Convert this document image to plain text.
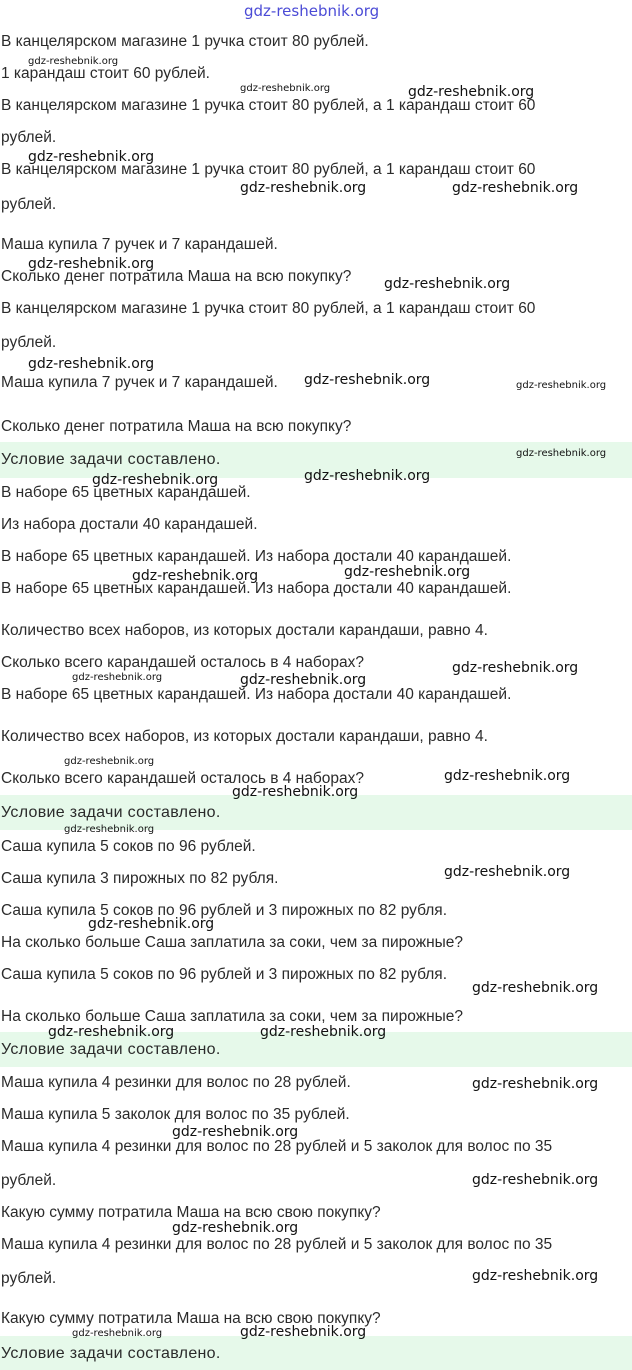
В канцелярском магазине 1 ручка стоит 80 рублей.
1 карандаш стоит 60 рублей.
В канцелярском магазине 1 ручка стоит 80 рублей, а 1 карандаш стоит 60
рублей.
В канцелярском магазине 1 ручка стоит 80 рублей, а 1 карандаш стоит 60
рублей.
Маша купила 7 ручек и 7 карандашей.
Сколько денег потратила Маша на всю покупку?
В канцелярском магазине 1 ручка стоит 80 рублей, а 1 карандаш стоит 60
рублей.
Маша купила 7 ручек и 7 карандашей.
Сколько денег потратила Маша на всю покупку?
Условие задачи составлено.
В наборе 65 цветных карандашей.
Из набора достали 40 карандашей.
В наборе 65 цветных карандашей. Из набора достали 40 карандашей.
В наборе 65 цветных карандашей. Из набора достали 40 карандашей.
Количество всех наборов, из которых достали карандаши, равно 4.
Сколько всего карандашей осталось в 4 наборах?
В наборе 65 цветных карандашей. Из набора достали 40 карандашей.
Количество всех наборов, из которых достали карандаши, равно 4.
Сколько всего карандашей осталось в 4 наборах?
Условие задачи составлено.
Саша купила 5 соков по 96 рублей.
Саша купила 3 пирожных по 82 рубля.
Саша купила 5 соков по 96 рублей и 3 пирожных по 82 рубля.
На сколько больше Саша заплатила за соки, чем за пирожные?
Саша купила 5 соков по 96 рублей и 3 пирожных по 82 рубля.
На сколько больше Саша заплатила за соки, чем за пирожные?
Условие задачи составлено.
Маша купила 4 резинки для волос по 28 рублей.
Маша купила 5 заколок для волос по 35 рублей.
Маша купила 4 резинки для волос по 28 рублей и 5 заколок для волос по 35
рублей.
Какую сумму потратила Маша на всю свою покупку?
Маша купила 4 резинки для волос по 28 рублей и 5 заколок для волос по 35
рублей.
Какую сумму потратила Маша на всю свою покупку?
Условие задачи составлено.
gdz-reshebnik.org
gdz-reshebnik.org
gdz-reshebnik.org	gdz-reshebnik.org
gdz-reshebnik.org
gdz-reshebnik.org	gdz-reshebnik.org
gdz-reshebnik.org
gdz-reshebnik.org
gdz-reshebnik.org
gdz-reshebnik.org	gdz-reshebnik.org
gdz-reshebnik.org
gdz-reshebnik.org
gdz-reshebnik.org
gdz-reshebnik.org	gdz-reshebnik.org
gdz-reshebnik.org
gdz-reshebnik.org	gdz-reshebnik.org
gdz-reshebnik.org
gdz-reshebnik.org
gdz-reshebnik.org
gdz-reshebnik.org
gdz-reshebnik.org
gdz-reshebnik.org
gdz-reshebnik.org
gdz-reshebnik.org	gdz-reshebnik.org
gdz-reshebnik.org
gdz-reshebnik.org
gdz-reshebnik.org
gdz-reshebnik.org
gdz-reshebnik.org
gdz-reshebnik.org	gdz-reshebnik.org
